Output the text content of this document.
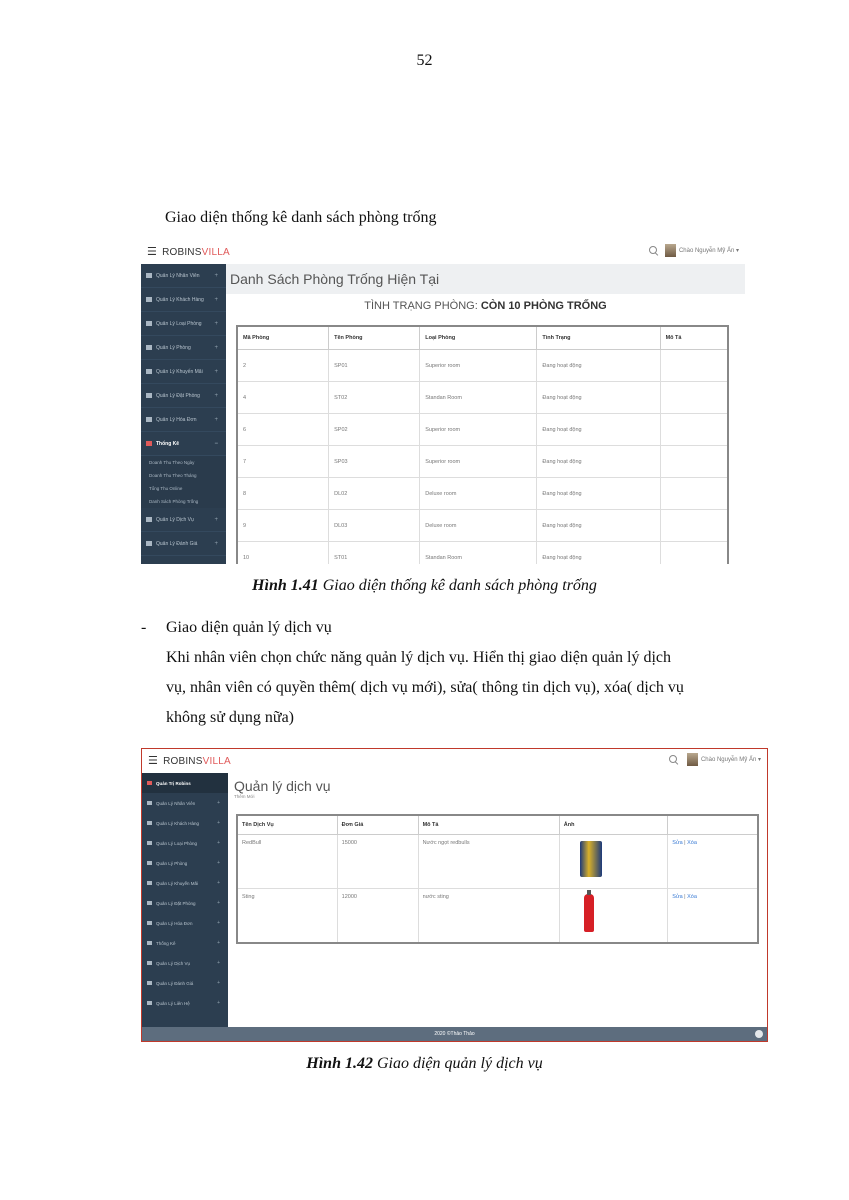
52
Giao diện thống kê danh sách phòng trống
☰ ROBINSVILLA	Chào Nguyễn Mỹ Ấn ▾
Quản Lý Nhân Viên +
Quản Lý Khách Hàng +
Quản Lý Loại Phòng +
Quản Lý Phòng	+
Quản Lý Khuyến Mãi +
Quản Lý Đặt Phòng +
Quản Lý Hóa Đơn	+
Thống Kê	−
Doanh Thu Theo Ngày
Doanh Thu Theo Tháng
Tổng Thu Online
Danh Sách Phòng Trống
Quản Lý Dịch Vụ	+
Quản Lý Đánh Giá	+
Danh Sách Phòng Trống Hiện Tại
TÌNH TRẠNG PHÒNG: CÒN 10 PHÒNG TRỐNG
Mã Phòng	Tên Phòng	Loại Phòng	Tình Trạng	Mô Tả
2	SP01	Superior room	Đang hoạt động	
4	ST02	Standan Room	Đang hoạt động	
6	SP02	Superior room	Đang hoạt động	
7	SP03	Superior room	Đang hoạt động	
8	DL02	Deluxe room	Đang hoạt động	
9	DL03	Deluxe room	Đang hoạt động	
10	ST01	Standan Room	Đang hoạt động	
Hình 1.41 Giao diện thống kê danh sách phòng trống
- Giao diện quản lý dịch vụ
Khi nhân viên chọn chức năng quản lý dịch vụ. Hiển thị giao diện quản lý dịch
vụ, nhân viên có quyền thêm( dịch vụ mới), sửa( thông tin dịch vụ), xóa( dịch vụ
không sử dụng nữa)
☰ ROBINSVILLA	Chào Nguyễn Mỹ Ấn ▾
Quản Trị Robins
Quản Lý Nhân Viên	+
Quản Lý Khách Hàng	+
Quản Lý Loại Phòng	+
Quản Lý Phòng	+
Quản Lý Khuyến Mãi	+
Quản Lý Đặt Phòng	+
Quản Lý Hóa Đơn	+
Thống Kê	+
Quản Lý Dịch Vụ	+
Quản Lý Đánh Giá	+
Quản Lý Liên Hệ	+
Quản lý dịch vụ
Thêm Mới
Tên Dịch Vụ	Đơn Giá	Mô Tả	Ảnh	
RedBull	15000	Nước ngọt redbulls		Sửa | Xóa
Sting	12000	nước sting		Sửa | Xóa
2020 ©Thảo Thảo
Hình 1.42 Giao diện quản lý dịch vụ
